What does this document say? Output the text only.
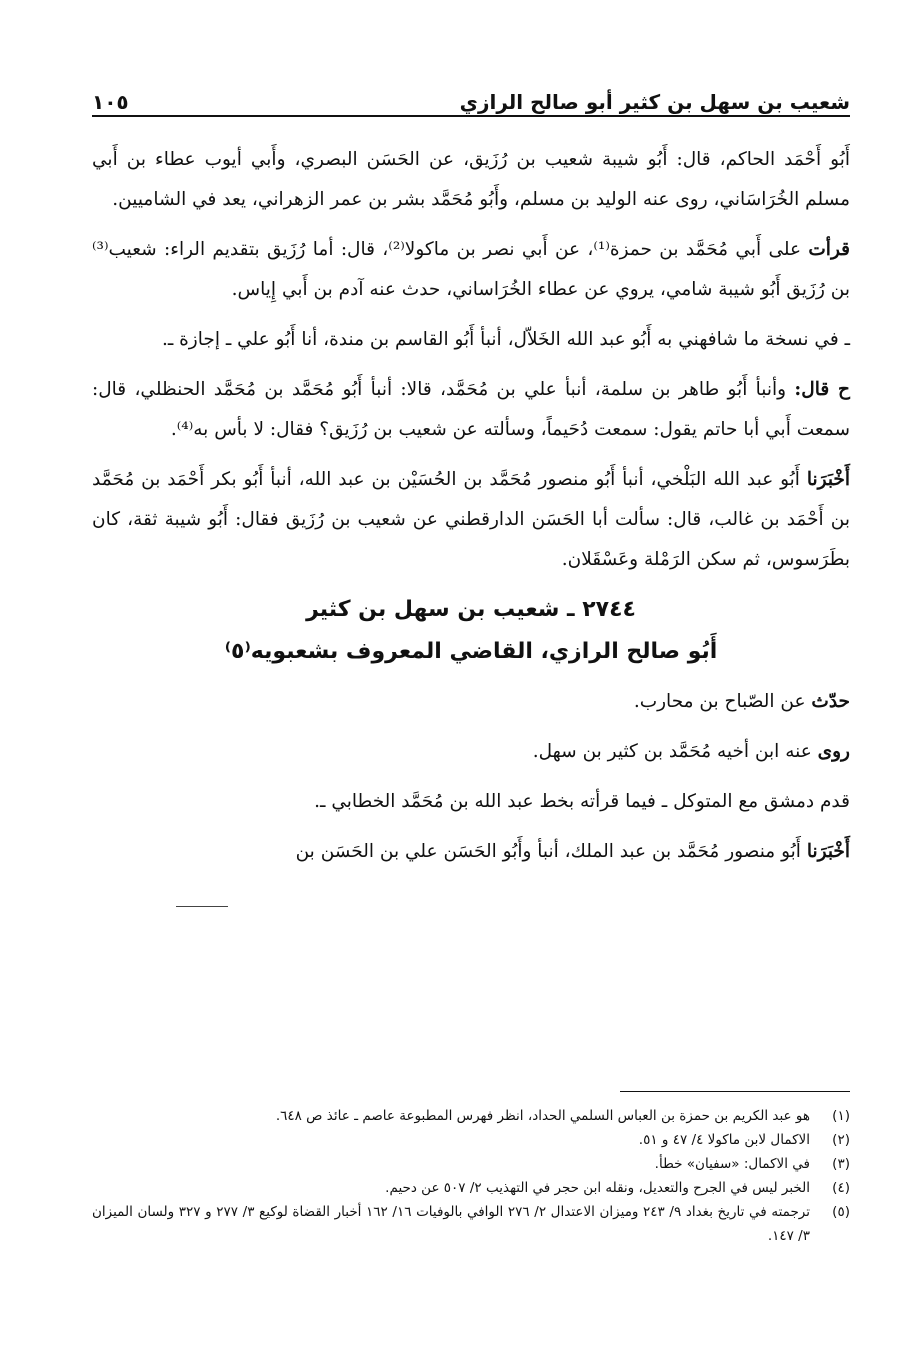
شعيب بن سهل بن كثير أبو صالح الرازي
١٠٥

أَبُو أَحْمَد الحاكم، قال: أَبُو شيبة شعيب بن رُزَيق، عن الحَسَن البصري، وأَبي أيوب عطاء بن أَبي مسلم الخُرَاسَاني، روى عنه الوليد بن مسلم، وأَبُو مُحَمَّد بشر بن عمر الزهراني، يعد في الشاميين.

قرأت على أَبي مُحَمَّد بن حمزة⁽¹⁾، عن أَبي نصر بن ماكولا⁽²⁾، قال: أما رُزَيق بتقديم الراء: شعيب⁽³⁾ بن رُزَيق أَبُو شيبة شامي، يروي عن عطاء الخُرَاساني، حدث عنه آدم بن أَبي إِياس.

ـ في نسخة ما شافهني به أَبُو عبد الله الخَلاّل، أنبأ أَبُو القاسم بن مندة، أنا أَبُو علي ـ إجازة ـ.

ح قال: وأنبأ أَبُو طاهر بن سلمة، أنبأ علي بن مُحَمَّد، قالا: أنبأ أَبُو مُحَمَّد بن مُحَمَّد الحنظلي، قال: سمعت أَبي أبا حاتم يقول: سمعت دُحَيماً، وسألته عن شعيب بن رُزَيق؟ فقال: لا بأس به⁽⁴⁾.

أَخْبَرَنا أَبُو عبد الله البَلْخي، أنبأ أَبُو منصور مُحَمَّد بن الحُسَيْن بن عبد الله، أنبأ أَبُو بكر أَحْمَد بن مُحَمَّد بن أَحْمَد بن غالب، قال: سألت أبا الحَسَن الدارقطني عن شعيب بن رُزَيق فقال: أَبُو شيبة ثقة، كان بطَرَسوس، ثم سكن الرَمْلة وعَسْقَلان.

٢٧٤٤ ـ شعيب بن سهل بن كثير
أَبُو صالح الرازي، القاضي المعروف بشعبويه⁽٥⁾

حدّث عن الصّباح بن محارب.

روى عنه ابن أخيه مُحَمَّد بن كثير بن سهل.

قدم دمشق مع المتوكل ـ فيما قرأته بخط عبد الله بن مُحَمَّد الخطابي ـ.

أَخْبَرَنا أَبُو منصور مُحَمَّد بن عبد الملك، أنبأ وأَبُو الحَسَن علي بن الحَسَن بن

(١)
هو عبد الكريم بن حمزة بن العباس السلمي الحداد، انظر فهرس المطبوعة عاصم ـ عائذ ص ٦٤٨.
(٢)
الاكمال لابن ماكولا ٤/ ٤٧ و ٥١.
(٣)
في الاكمال: «سفيان» خطأ.
(٤)
الخبر ليس في الجرح والتعديل، ونقله ابن حجر في التهذيب ٢/ ٥٠٧ عن دحيم.
(٥)
ترجمته في تاريخ بغداد ٩/ ٢٤٣ وميزان الاعتدال ٢/ ٢٧٦ الوافي بالوفيات ١٦/ ١٦٢ أخبار القضاة لوكيع ٣/ ٢٧٧ و ٣٢٧ ولسان الميزان ٣/ ١٤٧.
